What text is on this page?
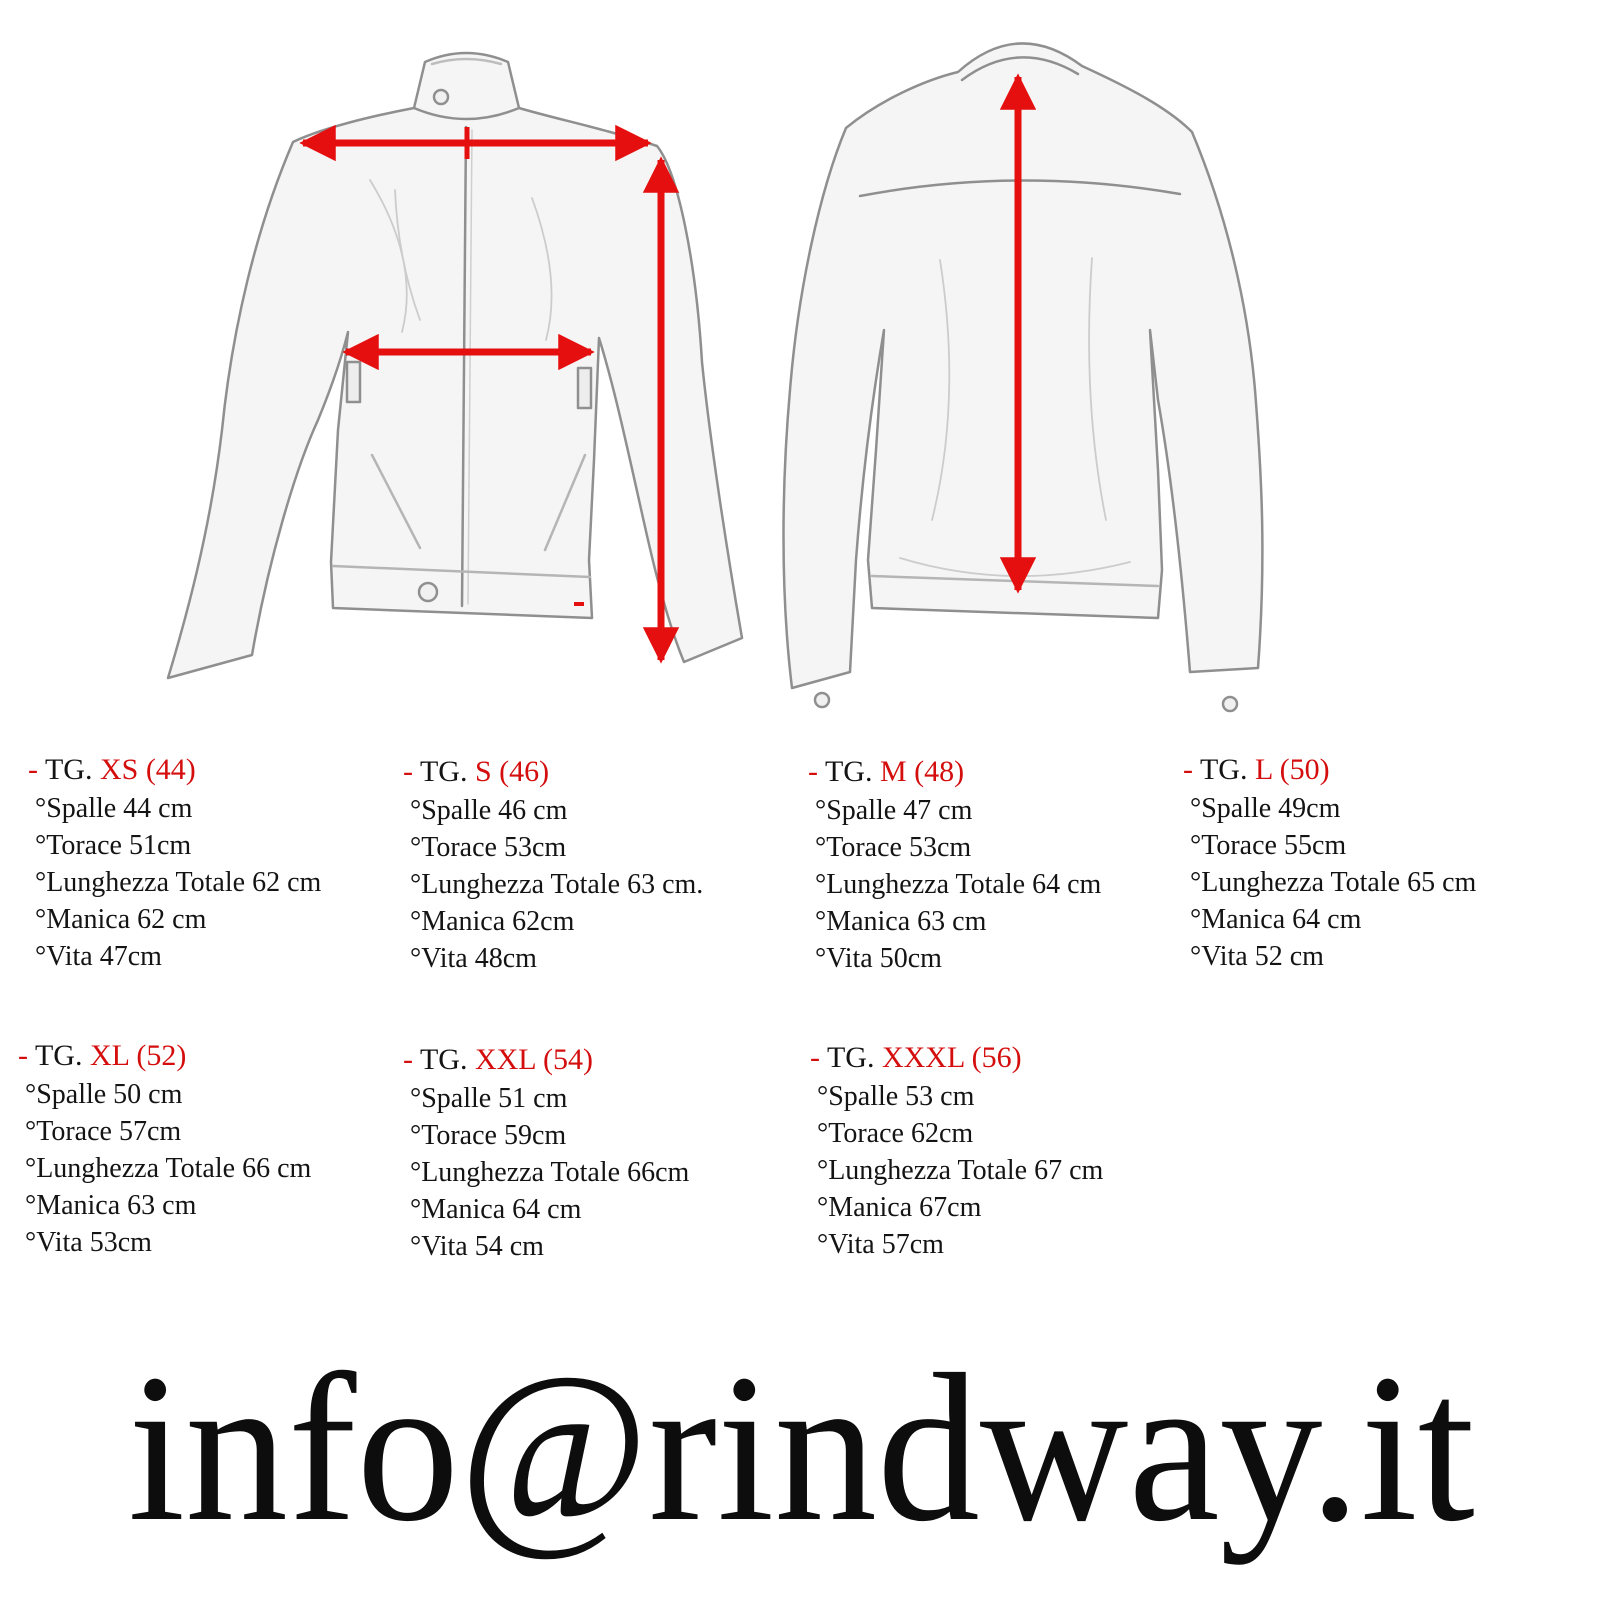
- TG. XS (44)
°Spalle 44 cm
°Torace 51cm
°Lunghezza Totale 62 cm
°Manica 62 cm
°Vita 47cm
- TG. S (46)
°Spalle 46 cm
°Torace 53cm
°Lunghezza Totale 63 cm.
°Manica 62cm
°Vita 48cm
- TG. M (48)
°Spalle 47 cm
°Torace 53cm
°Lunghezza Totale 64 cm
°Manica 63 cm
°Vita 50cm
- TG. L (50)
°Spalle 49cm
°Torace 55cm
°Lunghezza Totale 65 cm
°Manica 64 cm
°Vita 52 cm
- TG. XL (52)
°Spalle 50 cm
°Torace 57cm
°Lunghezza Totale 66 cm
°Manica 63 cm
°Vita 53cm
- TG. XXL (54)
°Spalle 51 cm
°Torace 59cm
°Lunghezza Totale 66cm
°Manica 64 cm
°Vita 54 cm
- TG. XXXL (56)
°Spalle 53 cm
°Torace 62cm
°Lunghezza Totale 67 cm
°Manica 67cm
°Vita 57cm
info@rindway.it
